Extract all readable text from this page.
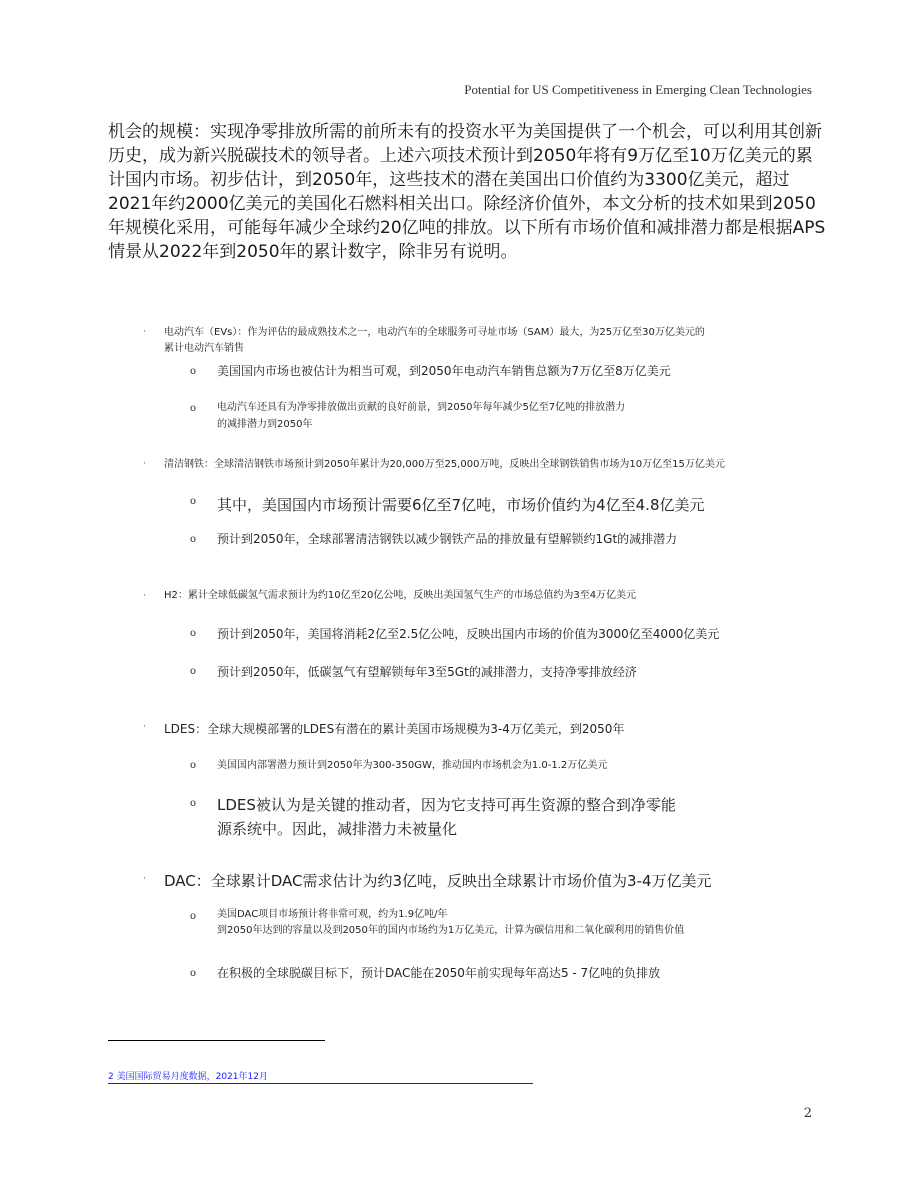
Potential for US Competitiveness in Emerging Clean Technologies
机会的规模：实现净零排放所需的前所未有的投资水平为美国提供了一个机会，可以利用其创新历史，成为新兴脱碳技术的领导者。上述六项技术预计到2050年将有9万亿至10万亿美元的累计国内市场。初步估计，到2050年，这些技术的潜在美国出口价值约为3300亿美元，超过2021年约2000亿美元的美国化石燃料相关出口。除经济价值外，本文分析的技术如果到2050年规模化采用，可能每年减少全球约20亿吨的排放。以下所有市场价值和减排潜力都是根据APS情景从2022年到2050年的累计数字，除非另有说明。
·	电动汽车（EVs）：作为评估的最成熟技术之一，电动汽车的全球服务可寻址市场（SAM）最大，为25万亿至30万亿美元的
累计电动汽车销售
o 美国国内市场也被估计为相当可观，到2050年电动汽车销售总额为7万亿至8万亿美元
o 电动汽车还具有为净零排放做出贡献的良好前景，到2050年每年减少5亿至7亿吨的排放潜力
的减排潜力到2050年
·	清洁钢铁：全球清洁钢铁市场预计到2050年累计为20,000万至25,000万吨，反映出全球钢铁销售市场为10万亿至15万亿美元
o 其中，美国国内市场预计需要6亿至7亿吨，市场价值约为4亿至4.8亿美元
o 预计到2050年，全球部署清洁钢铁以减少钢铁产品的排放量有望解锁约1Gt的减排潜力
·	H2：累计全球低碳氢气需求预计为约10亿至20亿公吨，反映出美国氢气生产的市场总值约为3至4万亿美元
o 预计到2050年，美国将消耗2亿至2.5亿公吨，反映出国内市场的价值为3000亿至4000亿美元
o 预计到2050年，低碳氢气有望解锁每年3至5Gt的减排潜力，支持净零排放经济
· LDES：全球大规模部署的LDES有潜在的累计美国市场规模为3-4万亿美元，到2050年
o 美国国内部署潜力预计到2050年为300-350GW，推动国内市场机会为1.0-1.2万亿美元
o LDES被认为是关键的推动者，因为它支持可再生资源的整合到净零能
源系统中。因此，减排潜力未被量化
· DAC：全球累计DAC需求估计为约3亿吨，反映出全球累计市场价值为3-4万亿美元
o 美国DAC项目市场预计将非常可观，约为1.9亿吨/年
到2050年达到的容量以及到2050年的国内市场约为1万亿美元，计算为碳信用和二氧化碳利用的销售价值
o 在积极的全球脱碳目标下，预计DAC能在2050年前实现每年高达5 - 7亿吨的负排放
2 美国国际贸易月度数据，2021年12月
2
